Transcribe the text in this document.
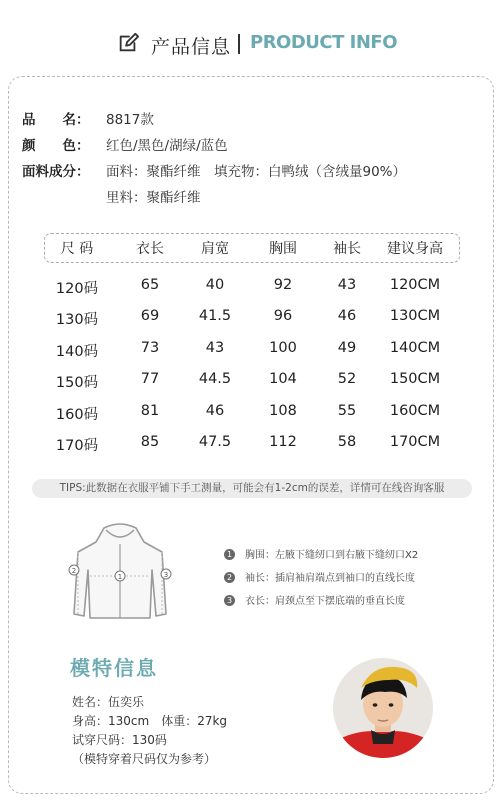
产品信息 PRODUCT INFO
品　　名： 8817款
颜　　色： 红色/黑色/湖绿/蓝色
面料成分： 面料：聚酯纤维　填充物：白鸭绒（含绒量90%）
里料：聚酯纤维
TIPS:此数据在衣服平铺下手工测量，可能会有1-2cm的误差，详情可在线咨询客服
1
2	3
1 胸围：左腋下缝纫口到右腋下缝纫口X2
2 袖长：插肩袖肩端点到袖口的直线长度
3 衣长：肩颈点至下摆底端的垂直长度
模特信息
姓名：伍奕乐
身高：130cm　体重：27kg
试穿尺码：130码
（模特穿着尺码仅为参考）
尺 码	衣长	肩宽	胸围	袖长	建议身高
120码	65	40	92	43	120CM
130码	69	41.5	96	46	130CM
140码	73	43	100	49	140CM
150码	77	44.5	104	52	150CM
160码	81	46	108	55	160CM
170码	85	47.5	112	58	170CM
